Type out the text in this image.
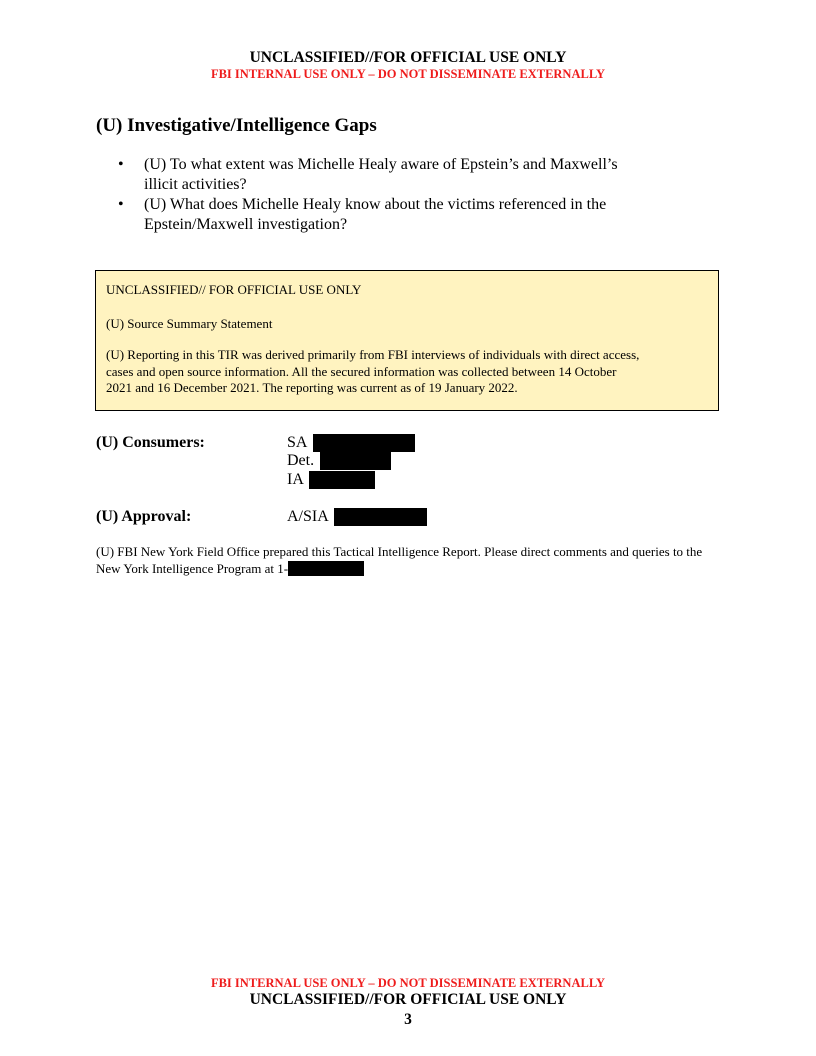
UNCLASSIFIED//FOR OFFICIAL USE ONLY
FBI INTERNAL USE ONLY – DO NOT DISSEMINATE EXTERNALLY
(U) Investigative/Intelligence Gaps
• (U) To what extent was Michelle Healy aware of Epstein’s and Maxwell’s illicit activities?
• (U) What does Michelle Healy know about the victims referenced in the Epstein/Maxwell investigation?
UNCLASSIFIED// FOR OFFICIAL USE ONLY
(U) Source Summary Statement
(U) Reporting in this TIR was derived primarily from FBI interviews of individuals with direct access, cases and open source information. All the secured information was collected between 14 October 2021 and 16 December 2021. The reporting was current as of 19 January 2022.
(U) Consumers:	SA
Det.
IA
(U) Approval:	A/SIA
(U) FBI New York Field Office prepared this Tactical Intelligence Report. Please direct comments and queries to the New York Intelligence Program at 1-
FBI INTERNAL USE ONLY – DO NOT DISSEMINATE EXTERNALLY
UNCLASSIFIED//FOR OFFICIAL USE ONLY
3
